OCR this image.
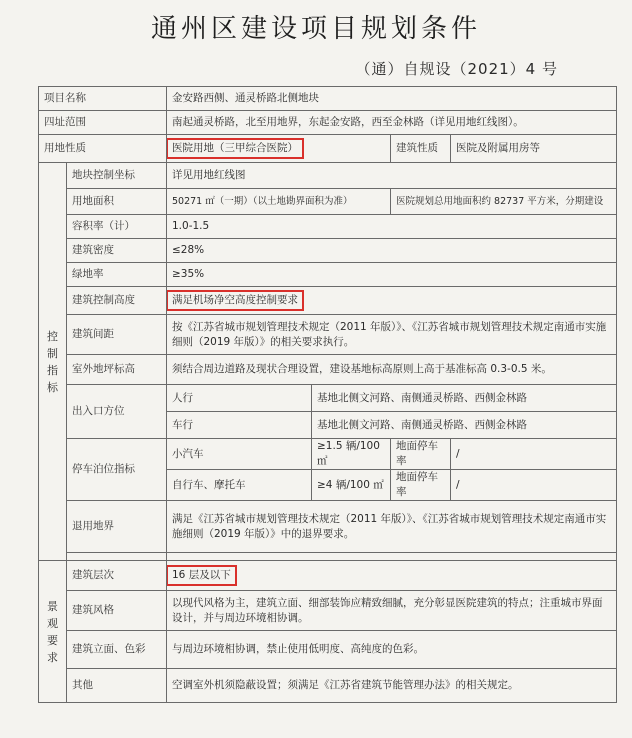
通州区建设项目规划条件
（通）自规设（2021）4 号
项目名称		金安路西侧、通灵桥路北侧地块			
四址范围		南起通灵桥路，北至用地界，东起金安路，西至金林路（详见用地红线图）。			
用地性质		医院用地（三甲综合医院）		建筑性质	医院及附属用房等
控
制
指
标	地块控制坐标	详见用地红线图			
	用地面积	50271 ㎡（一期）（以土地勘界面积为准）		医院规划总用地面积约 82737 平方米，分期建设	
	容积率（计）	1.0-1.5			
	建筑密度	≤28%			
	绿地率	≥35%			
	建筑控制高度	满足机场净空高度控制要求			
	建筑间距	按《江苏省城市规划管理技术规定（2011 年版）》、《江苏省城市规划管理技术规定南通市实施细则（2019 年版）》的相关要求执行。			
	室外地坪标高	须结合周边道路及现状合理设置，建设基地标高原则上高于基准标高 0.3-0.5 米。			
	出入口方位	人行	基地北侧文河路、南侧通灵桥路、西侧金林路		
		车行	基地北侧文河路、南侧通灵桥路、西侧金林路		
	停车泊位指标	小汽车	≥1.5 辆/100 ㎡	地面停车率	/
		自行车、摩托车	≥4 辆/100 ㎡	地面停车率	/
	退用地界	满足《江苏省城市规划管理技术规定（2011 年版）》、《江苏省城市规划管理技术规定南通市实施细则（2019 年版）》中的退界要求。			

景
观
要
求	建筑层次	16 层及以下			
	建筑风格	以现代风格为主，建筑立面、细部装饰应精致细腻，充分彰显医院建筑的特点；注重城市界面设计，并与周边环境相协调。			
	建筑立面、色彩	与周边环境相协调，禁止使用低明度、高纯度的色彩。			
	其他	空调室外机须隐蔽设置；须满足《江苏省建筑节能管理办法》的相关规定。			
